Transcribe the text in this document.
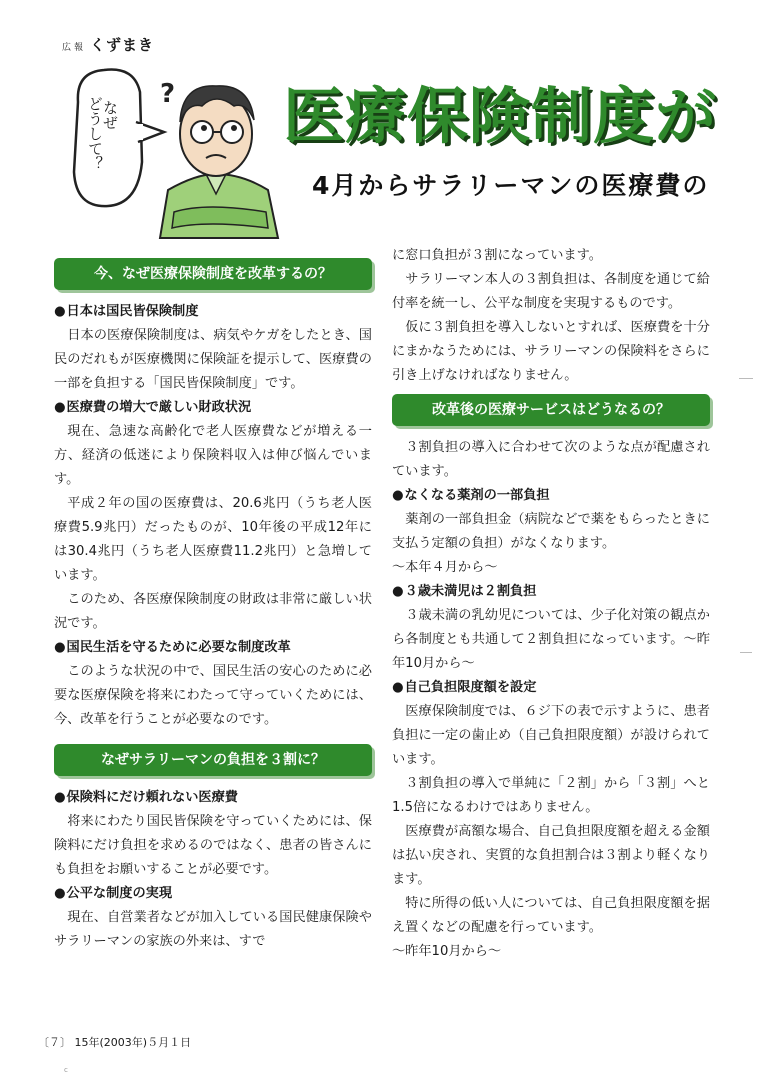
広報 くずまき
?
なぜ
どうして？	医療保険制度が
4月からサラリーマンの医療費の
今、なぜ医療保険制度を改革するの？
● 日本は国民皆保険制度

日本の医療保険制度は、病気やケガをしたとき、国民のだれもが医療機関に保険証を提示して、医療費の一部を負担する「国民皆保険制度」です。

● 医療費の増大で厳しい財政状況

現在、急速な高齢化で老人医療費などが増える一方、経済の低迷により保険料収入は伸び悩んでいます。

平成２年の国の医療費は、20.6兆円（うち老人医療費5.9兆円）だったものが、10年後の平成12年には30.4兆円（うち老人医療費11.2兆円）と急増しています。

このため、各医療保険制度の財政は非常に厳しい状況です。

● 国民生活を守るために必要な制度改革

このような状況の中で、国民生活の安心のために必要な医療保険を将来にわたって守っていくためには、今、改革を行うことが必要なのです。

なぜサラリーマンの負担を３割に？
● 保険料にだけ頼れない医療費

将来にわたり国民皆保険を守っていくためには、保険料にだけ負担を求めるのではなく、患者の皆さんにも負担をお願いすることが必要です。

● 公平な制度の実現

現在、自営業者などが加入している国民健康保険やサラリーマンの家族の外来は、すで

に窓口負担が３割になっています。

サラリーマン本人の３割負担は、各制度を通じて給付率を統一し、公平な制度を実現するものです。

仮に３割負担を導入しないとすれば、医療費を十分にまかなうためには、サラリーマンの保険料をさらに引き上げなければなりません。

改革後の医療サービスはどうなるの？

３割負担の導入に合わせて次のような点が配慮されています。

● なくなる薬剤の一部負担

薬剤の一部負担金（病院などで薬をもらったときに支払う定額の負担）がなくなります。

～本年４月から～

● ３歳未満児は２割負担

３歳未満の乳幼児については、少子化対策の観点から各制度とも共通して２割負担になっています。～昨年10月から～

● 自己負担限度額を設定

医療保険制度では、６ジ下の表で示すように、患者負担に一定の歯止め（自己負担限度額）が設けられています。

３割負担の導入で単純に「２割」から「３割」へと1.5倍になるわけではありません。

医療費が高額な場合、自己負担限度額を超える金額は払い戻され、実質的な負担割合は３割より軽くなります。

特に所得の低い人については、自己負担限度額を据え置くなどの配慮を行っています。

～昨年10月から～

〔７〕 15年(2003年)５月１日
c
